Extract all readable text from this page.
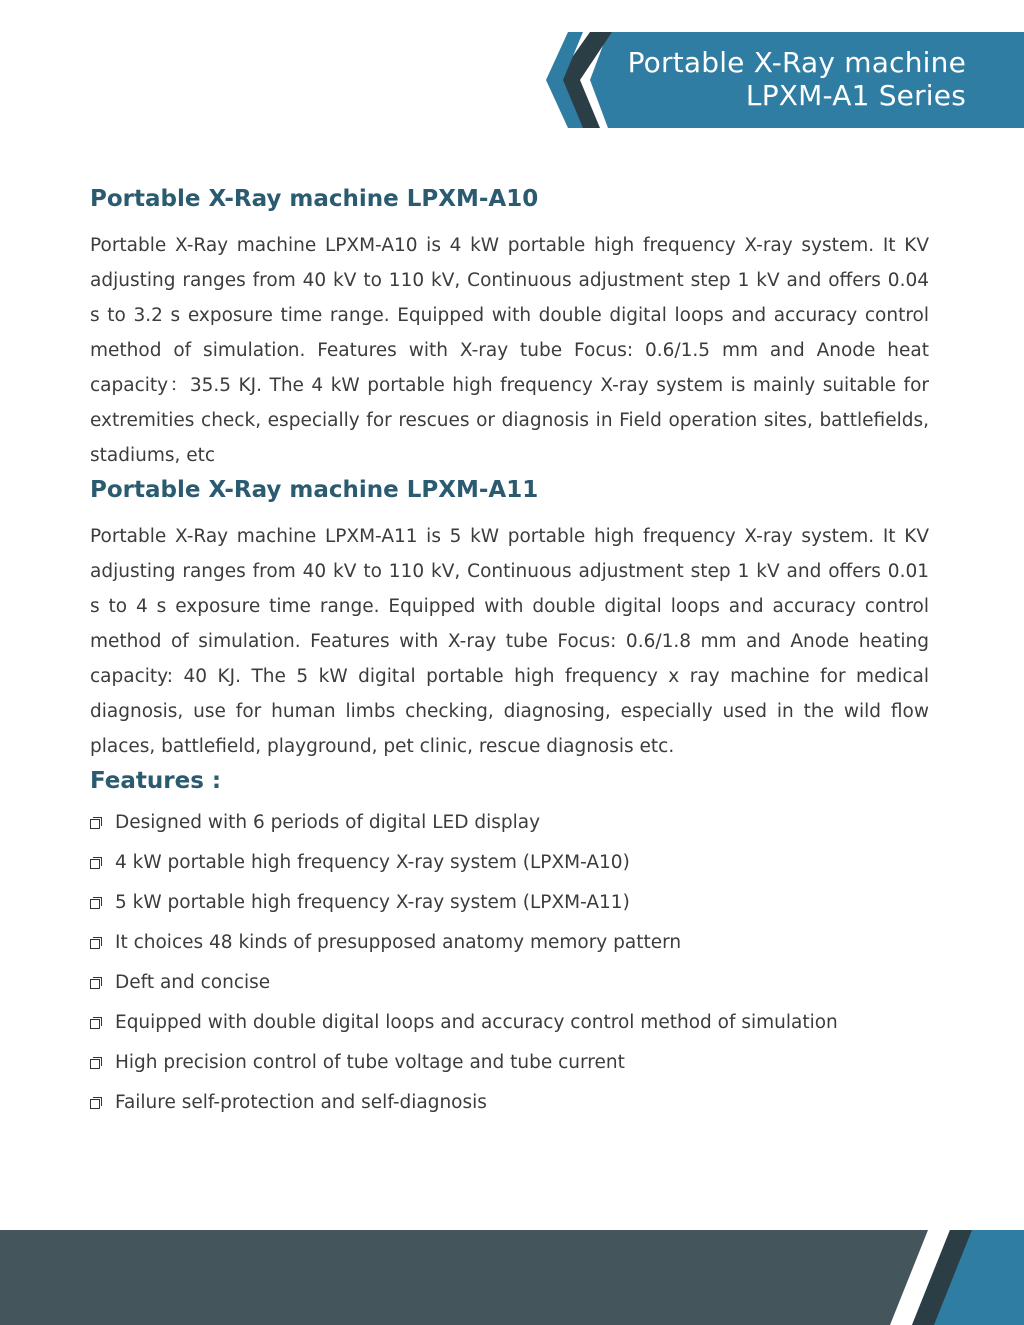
Portable X-Ray machine
LPXM-A1 Series
Portable X-Ray machine LPXM-A10

Portable X-Ray machine LPXM-A10 is 4 kW portable high frequency X-ray system. It KV adjusting ranges from 40 kV to 110 kV, Continuous adjustment step 1 kV and offers 0.04 s to 3.2 s exposure time range. Equipped with double digital loops and accuracy control method of simulation. Features with X-ray tube Focus: 0.6/1.5 mm and Anode heat capacity：35.5 KJ. The 4 kW portable high frequency X-ray system is mainly suitable for extremities check, especially for rescues or diagnosis in Field operation sites, battlefields, stadiums, etc

Portable X-Ray machine LPXM-A11

Portable X-Ray machine LPXM-A11 is 5 kW portable high frequency X-ray system. It KV adjusting ranges from 40 kV to 110 kV, Continuous adjustment step 1 kV and offers 0.01 s to 4 s exposure time range. Equipped with double digital loops and accuracy control method of simulation. Features with X-ray tube Focus: 0.6/1.8 mm and Anode heating capacity: 40 KJ. The 5 kW digital portable high frequency x ray machine for medical diagnosis, use for human limbs checking, diagnosing, especially used in the wild flow places, battlefield, playground, pet clinic, rescue diagnosis etc.

Features :
Designed with 6 periods of digital LED display
4 kW portable high frequency X-ray system (LPXM-A10)
5 kW portable high frequency X-ray system (LPXM-A11)
It choices 48 kinds of presupposed anatomy memory pattern
Deft and concise
Equipped with double digital loops and accuracy control method of simulation
High precision control of tube voltage and tube current
Failure self-protection and self-diagnosis
